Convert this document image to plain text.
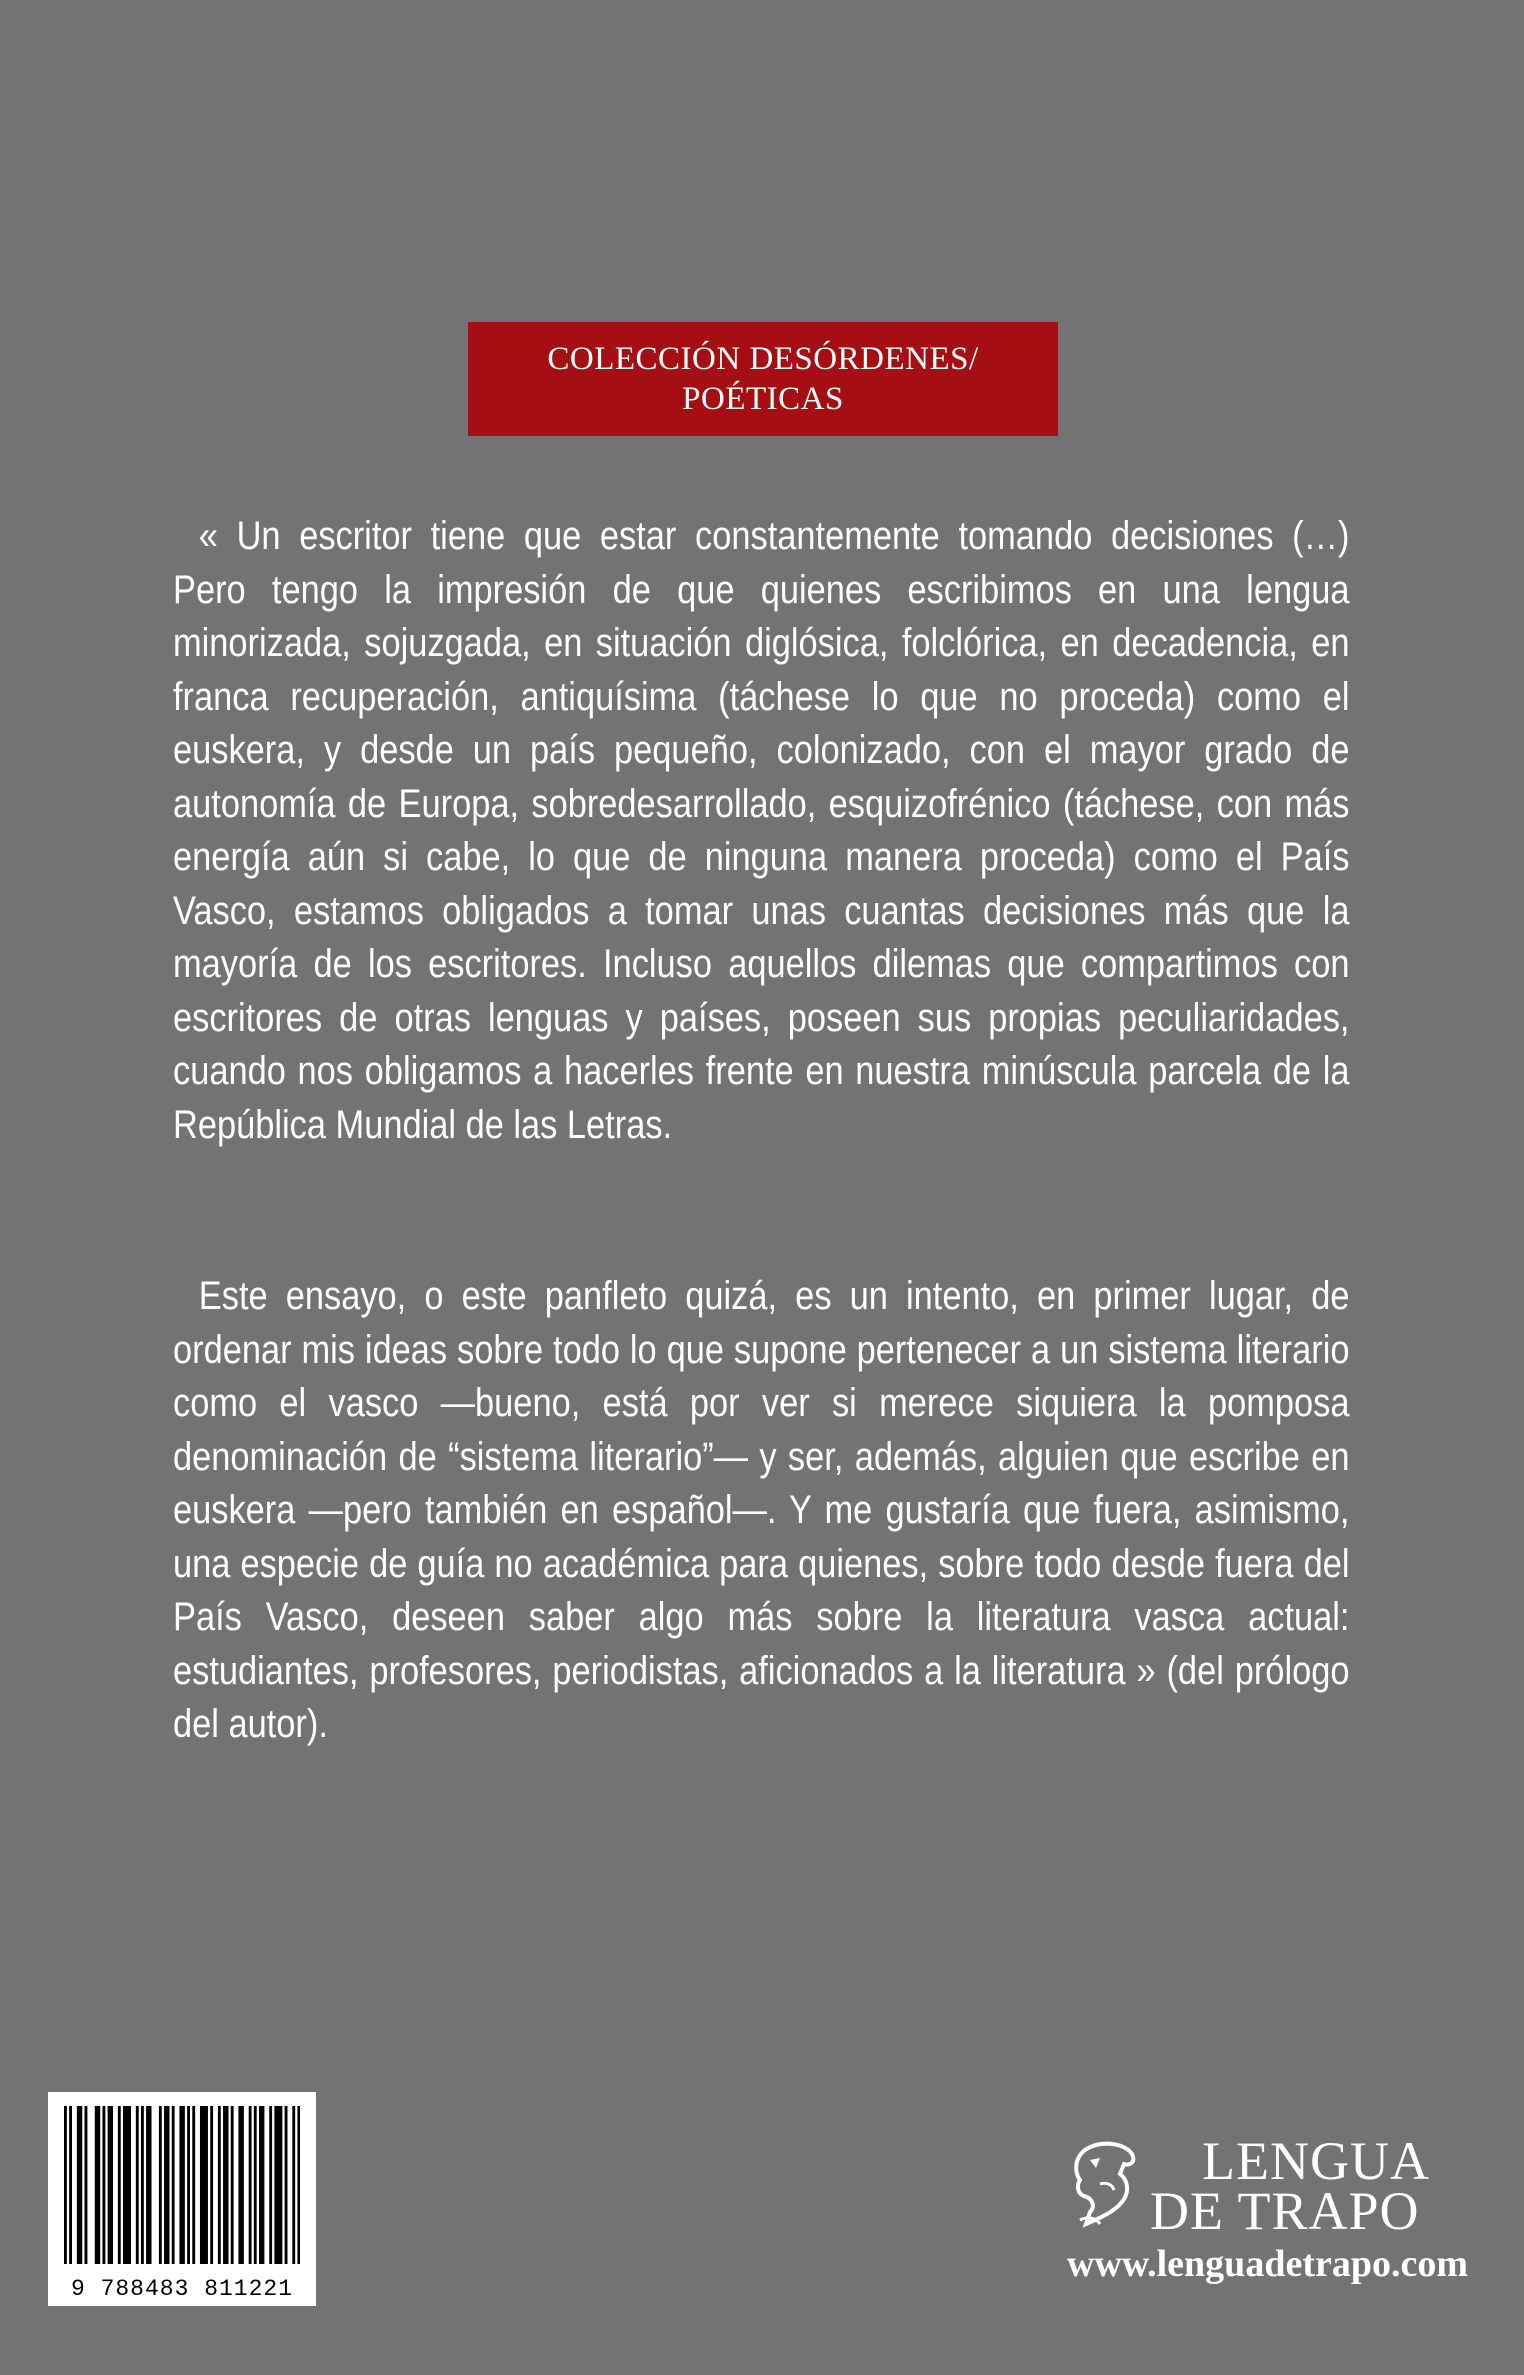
COLECCIÓN DESÓRDENES/
POÉTICAS

« Un escritor tiene que estar constantemente tomando decisiones (…) Pero tengo la impresión de que quienes escribimos en una lengua minorizada, sojuzgada, en situación diglósica, folclórica, en decadencia, en franca recuperación, antiquísima (táchese lo que no proceda) como el euskera, y desde un país pequeño, colonizado, con el mayor grado de autonomía de Europa, sobredesarrollado, esquizofrénico (táchese, con más energía aún si cabe, lo que de ninguna manera proceda) como el País Vasco, estamos obligados a tomar unas cuantas decisiones más que la mayoría de los escritores. Incluso aquellos dilemas que compartimos con escritores de otras lenguas y países, poseen sus propias peculiaridades, cuando nos obligamos a hacerles frente en nuestra minúscula parcela de la República Mundial de las Letras.

Este ensayo, o este panfleto quizá, es un intento, en primer lugar, de ordenar mis ideas sobre todo lo que supone pertenecer a un sistema literario como el vasco —bueno, está por ver si merece siquiera la pomposa denominación de “sistema literario”— y ser, además, alguien que escribe en euskera —pero también en español—. Y me gustaría que fuera, asimismo, una especie de guía no académica para quienes, sobre todo desde fuera del País Vasco, deseen saber algo más sobre la literatura vasca actual: estudiantes, profesores, periodistas, aficionados a la literatura » (del prólogo del autor).

9 788483 811221
LENGUA
DE TRAPO
www.lenguadetrapo.com
